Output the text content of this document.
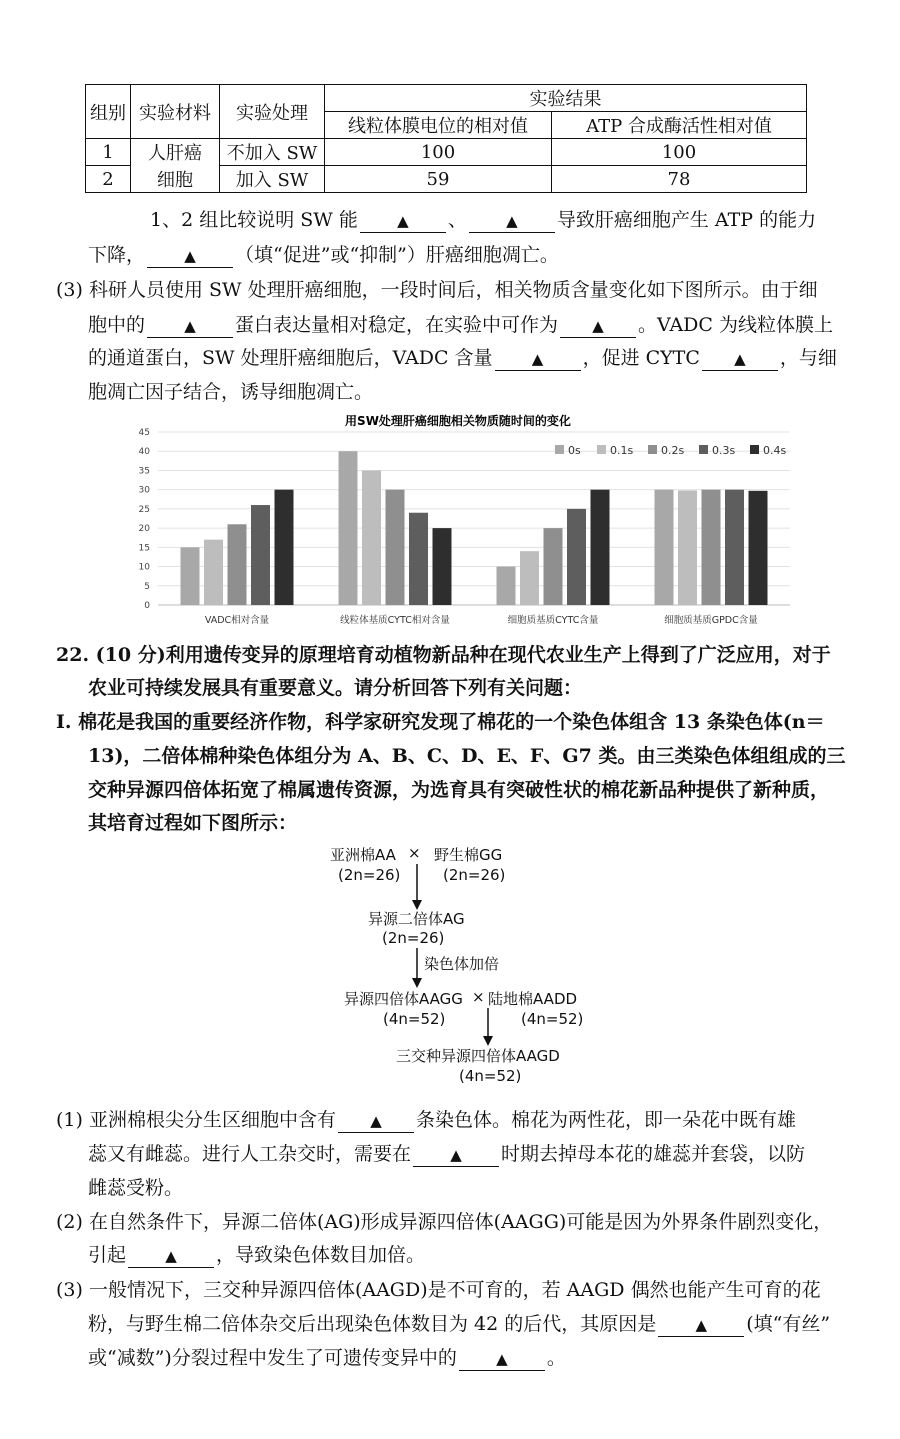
组别	实验材料	实验处理	实验结果	
			线粒体膜电位的相对值	ATP 合成酶活性相对值
1	人肝癌	不加入 SW	100	100
2	细胞	加入 SW	59	78
1、2 组比较说明 SW 能	▲ 、	▲ 导致肝癌细胞产生 ATP 的能力
下降，	▲ （填“促进”或“抑制”）肝癌细胞凋亡。
(3) 科研人员使用 SW 处理肝癌细胞，一段时间后，相关物质含量变化如下图所示。由于细
胞中的	▲ 蛋白表达量相对稳定，在实验中可作为 ▲ 。VADC 为线粒体膜上
的通道蛋白，SW 处理肝癌细胞后，VADC 含量	▲ ，促进 CYTC ▲ ，与细
胞凋亡因子结合，诱导细胞凋亡。
用SW处理肝癌细胞相关物质随时间的变化
0
5
10
15
20
25
30
35
40
45
VADC相对含量	线粒体基质CYTC相对含量	细胞质基质CYTC含量	细胞质基质GPDC含量
0s	0.1s	0.2s	0.3s	0.4s
22. (10 分)利用遗传变异的原理培育动植物新品种在现代农业生产上得到了广泛应用，对于
农业可持续发展具有重要意义。请分析回答下列有关问题：
I. 棉花是我国的重要经济作物，科学家研究发现了棉花的一个染色体组含 13 条染色体(n＝
13)，二倍体棉种染色体组分为 A、B、C、D、E、F、G7 类。由三类染色体组组成的三
交种异源四倍体拓宽了棉属遗传资源，为选育具有突破性状的棉花新品种提供了新种质，
其培育过程如下图所示：
亚洲棉AA × 野生棉GG
(2n=26)	(2n=26)
异源二倍体AG
(2n=26)
染色体加倍
异源四倍体AAGG × 陆地棉AADD
(4n=52)	(4n=52)
三交种异源四倍体AAGD
(4n=52)
(1) 亚洲棉根尖分生区细胞中含有 ▲ 条染色体。棉花为两性花，即一朵花中既有雄
蕊又有雌蕊。进行人工杂交时，需要在	▲ 时期去掉母本花的雄蕊并套袋，以防
雌蕊受粉。
(2) 在自然条件下，异源二倍体(AG)形成异源四倍体(AAGG)可能是因为外界条件剧烈变化，
引起	▲ ，导致染色体数目加倍。
(3) 一般情况下，三交种异源四倍体(AAGD)是不可育的，若 AAGD 偶然也能产生可育的花
粉，与野生棉二倍体杂交后出现染色体数目为 42 的后代，其原因是	▲ (填“有丝”
或“减数”)分裂过程中发生了可遗传变异中的	▲ 。
